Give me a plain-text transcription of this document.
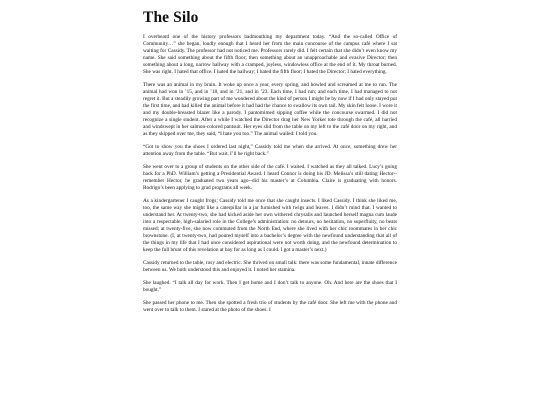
The Silo

I overheard one of the history professors badmouthing my department today. “And the so-called Office of Community…” she began, loudly enough that I heard her from the main concourse of the campus café where I sat waiting for Cassidy. The professor had not noticed me. Professors rarely did. I felt certain that she didn’t even know my name. She said something about the fifth floor; then something about an unapproachable and evasive Director; then something about a long, narrow hallway with a cramped, joyless, windowless office at the end of it. My throat burned. She was right. I hated that office. I hated the hallway; I hated the fifth floor; I hated the Director; I hated everything.

There was an animal in my brain. It woke up once a year, every spring, and howled and screamed at me to run. The animal had won in ’15, and in ’18, and in ’21, and in ’23. Each time, I had run; and each time, I had managed to not regret it. But a steadily growing part of me wondered about the kind of person I might be by now if I had only stayed put the first time, and had killed the animal before it had had the chance to swallow its own tail. My skin felt loose. I wore it and my double-breasted blazer like a parody. I pantomimed sipping coffee while the concourse swarmed. I did not recognize a single student. After a while I watched the Director drag her New Yorker tote through the café, all harried and windswept in her salmon-colored pantsuit. Her eyes slid from the table on my left to the café door on my right, and as they skipped over me, they said, “I hate you too.” The animal wailed: I told you.

“Got to show you the shoes I ordered last night,” Cassidy told me when she arrived. At once, something drew her attention away from the table. “But wait. I’ll be right back.”

She went over to a group of students on the other side of the café. I waited. I watched as they all talked. Lucy’s going back for a PhD. William’s getting a Presidential Award. I heard Connor is doing his JD. Melissa’s still dating Hector--remember Hector, he graduated two years ago--did his master’s at Columbia. Claire is graduating with honors. Rodrigo’s been applying to grad programs all week.

As a kindergartener I caught frogs; Cassidy told me once that she caught insects. I liked Cassidy. I think she liked me, too, the same way she might like a caterpillar in a jar furnished with twigs and leaves. I didn’t mind that. I wanted to understand her. At twenty-two, she had kicked aside her own withered chrysalis and launched herself magna cum laude into a respectable, high-salaried role in the College’s administration: no detours, no hesitation, no superfluity, no beats missed; at twenty-five, she now commuted from the North End, where she lived with her chic roommates in her chic brownstone. (I, at twenty-two, had poured myself into a bachelor’s degree with the newfound understanding that all of the things in my life that I had once considered aspirational were not worth doing, and the newfound determination to keep the full brunt of this revelation at bay for as long as I could. I got a master’s next.)

Cassidy returned to the table, rosy and electric. She thrived on small talk: there was some fundamental, innate difference between us. We both understood this and enjoyed it. I noted her stamina.

She laughed. “I talk all day for work. Then I get home and I don’t talk to anyone. Oh. And here are the shoes that I bought.”

She passed her phone to me. Then she spotted a fresh trio of students by the café door. She left me with the phone and went over to talk to them. I stared at the photo of the shoes. I
